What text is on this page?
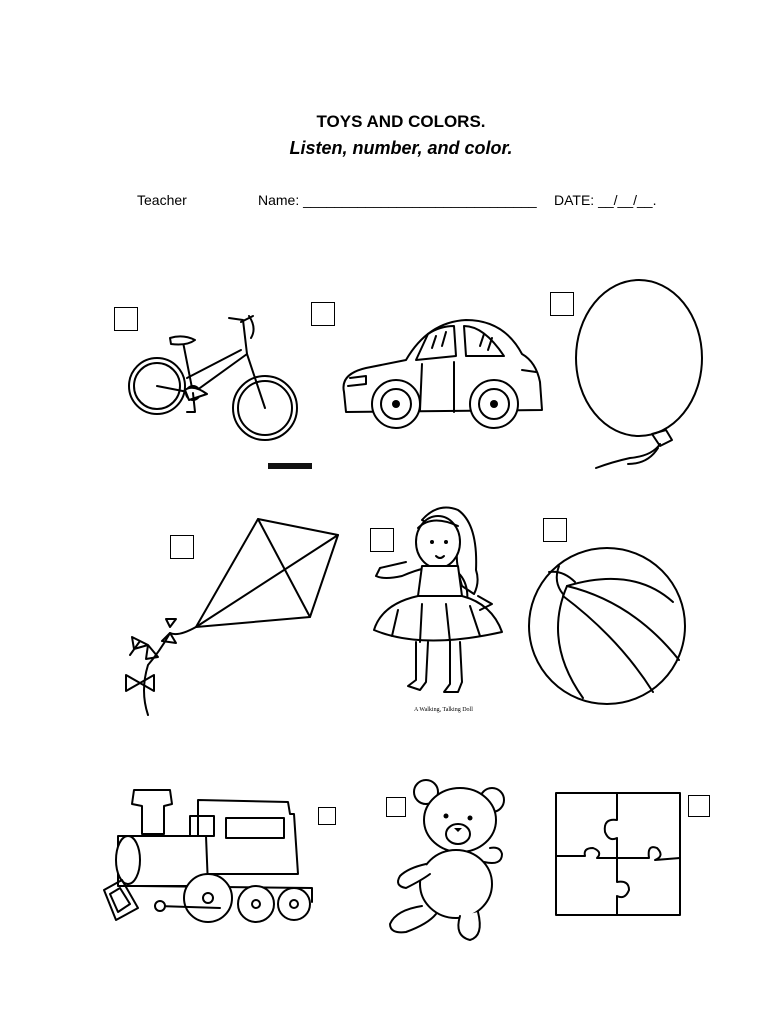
TOYS AND COLORS.
Listen, number, and color.
Teacher	Name: ______________________________ DATE: __/__/__.
A Walking, Talking Doll
